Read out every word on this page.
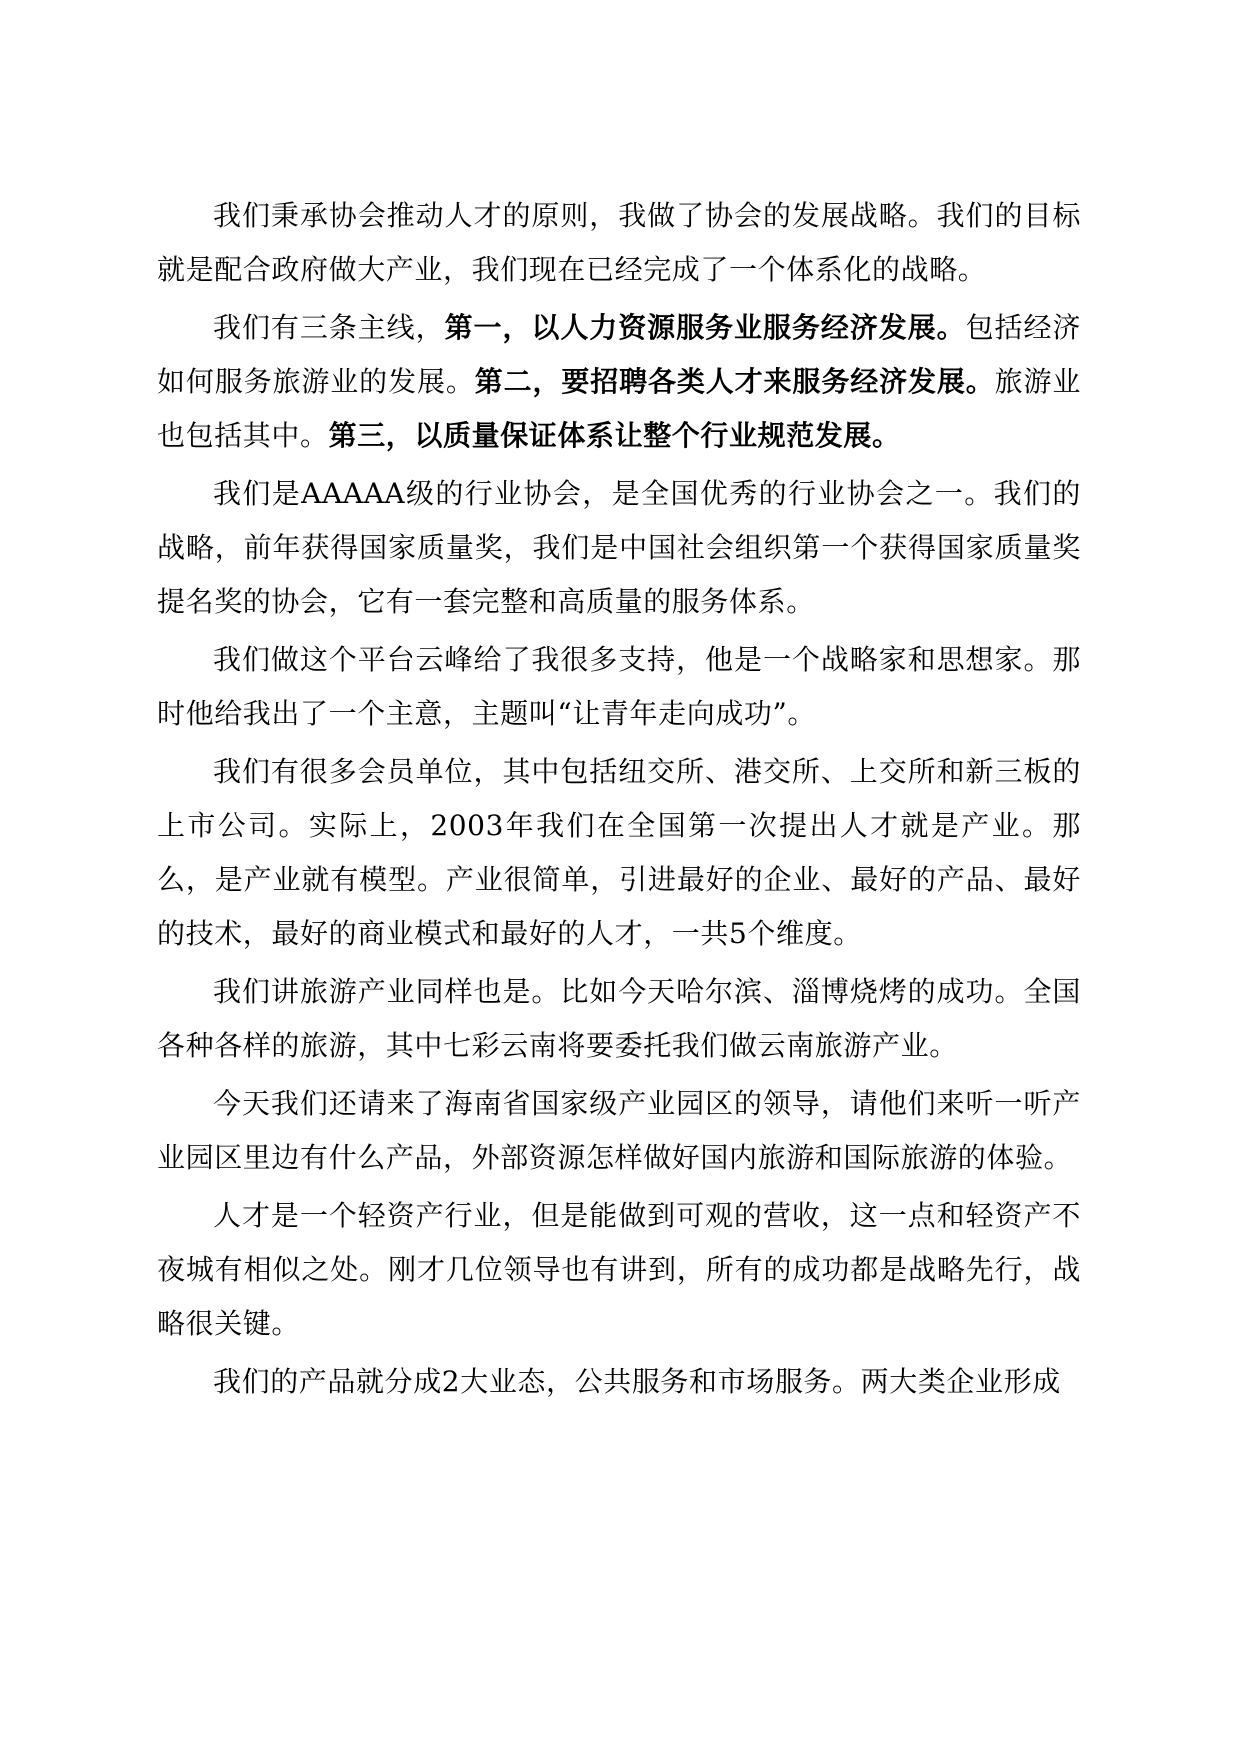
我们秉承协会推动人才的原则，我做了协会的发展战略。我们的目标就是配合政府做大产业，我们现在已经完成了一个体系化的战略。

我们有三条主线，第一，以人力资源服务业服务经济发展。包括经济如何服务旅游业的发展。第二，要招聘各类人才来服务经济发展。旅游业也包括其中。第三，以质量保证体系让整个行业规范发展。

我们是AAAAA级的行业协会，是全国优秀的行业协会之一。我们的战略，前年获得国家质量奖，我们是中国社会组织第一个获得国家质量奖提名奖的协会，它有一套完整和高质量的服务体系。

我们做这个平台云峰给了我很多支持，他是一个战略家和思想家。那时他给我出了一个主意，主题叫“让青年走向成功”。

我们有很多会员单位，其中包括纽交所、港交所、上交所和新三板的上市公司。实际上，2003年我们在全国第一次提出人才就是产业。那么，是产业就有模型。产业很简单，引进最好的企业、最好的产品、最好的技术，最好的商业模式和最好的人才，一共5个维度。

我们讲旅游产业同样也是。比如今天哈尔滨、淄博烧烤的成功。全国各种各样的旅游，其中七彩云南将要委托我们做云南旅游产业。

今天我们还请来了海南省国家级产业园区的领导，请他们来听一听产业园区里边有什么产品，外部资源怎样做好国内旅游和国际旅游的体验。

人才是一个轻资产行业，但是能做到可观的营收，这一点和轻资产不夜城有相似之处。刚才几位领导也有讲到，所有的成功都是战略先行，战略很关键。

我们的产品就分成2大业态，公共服务和市场服务。两大类企业形成
